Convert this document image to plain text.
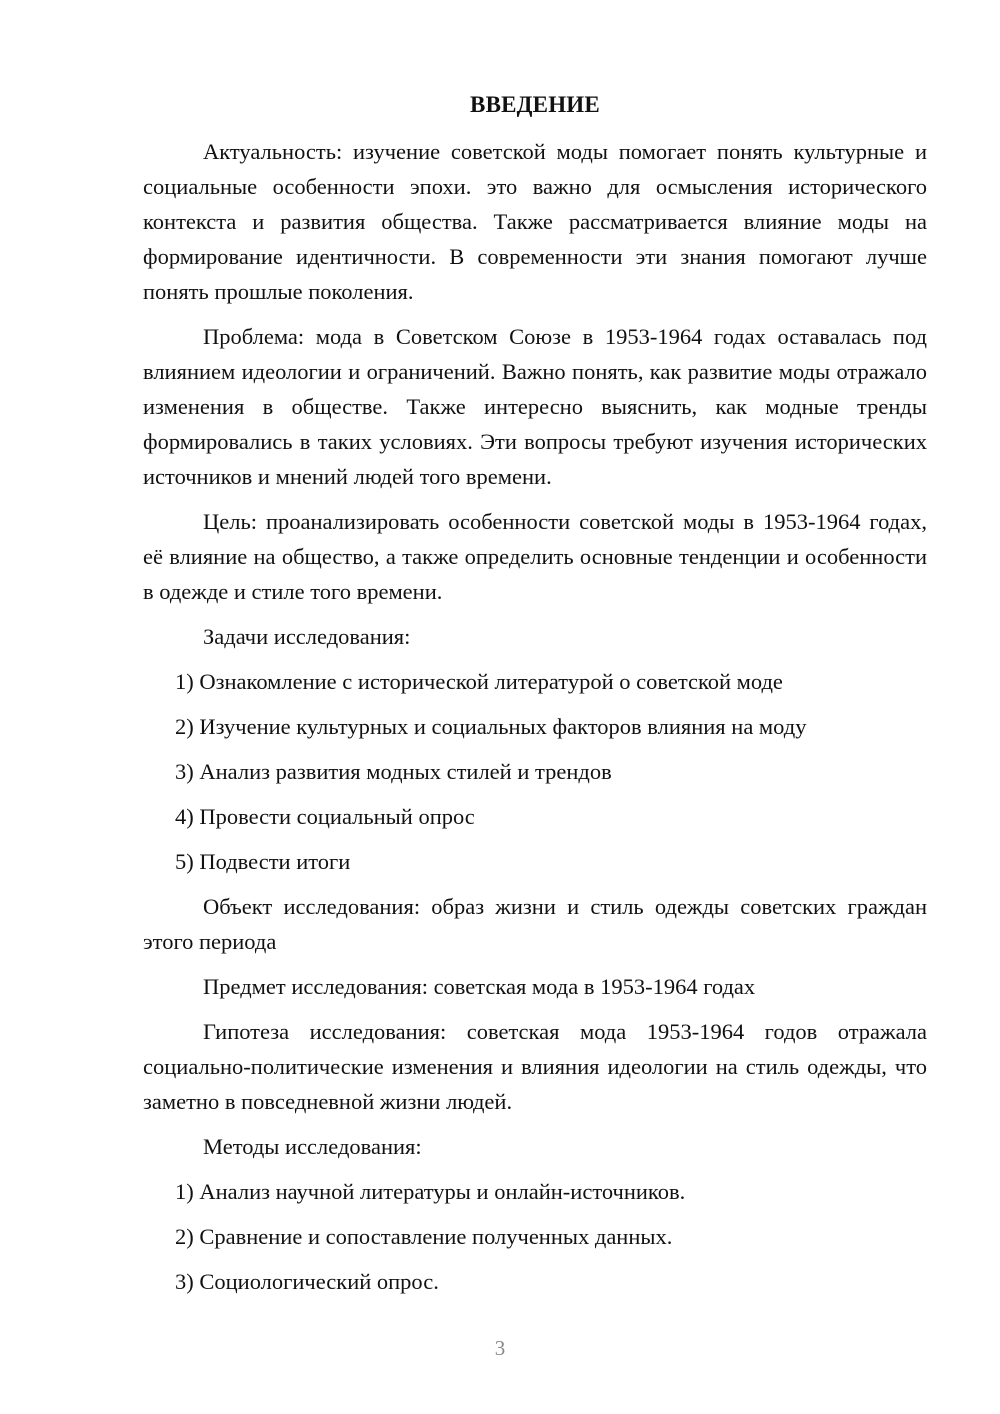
ВВЕДЕНИЕ

Актуальность: изучение советской моды помогает понять культурные и социальные особенности эпохи. это важно для осмысления исторического контекста и развития общества. Также рассматривается влияние моды на формирование идентичности. В современности эти знания помогают лучше понять прошлые поколения.

Проблема: мода в Советском Союзе в 1953-1964 годах оставалась под влиянием идеологии и ограничений. Важно понять, как развитие моды отражало изменения в обществе. Также интересно выяснить, как модные тренды формировались в таких условиях. Эти вопросы требуют изучения исторических источников и мнений людей того времени.

Цель: проанализировать особенности советской моды в 1953-1964 годах, её влияние на общество, а также определить основные тенденции и особенности в одежде и стиле того времени.

Задачи исследования:

1) Ознакомление с исторической литературой о советской моде

2) Изучение культурных и социальных факторов влияния на моду

3) Анализ развития модных стилей и трендов

4) Провести социальный опрос

5) Подвести итоги

Объект исследования: образ жизни и стиль одежды советских граждан этого периода

Предмет исследования: советская мода в 1953-1964 годах

Гипотеза исследования: советская мода 1953-1964 годов отражала социально-политические изменения и влияния идеологии на стиль одежды, что заметно в повседневной жизни людей.

Методы исследования:

1) Анализ научной литературы и онлайн-источников.

2) Сравнение и сопоставление полученных данных.

3) Социологический опрос.

3
